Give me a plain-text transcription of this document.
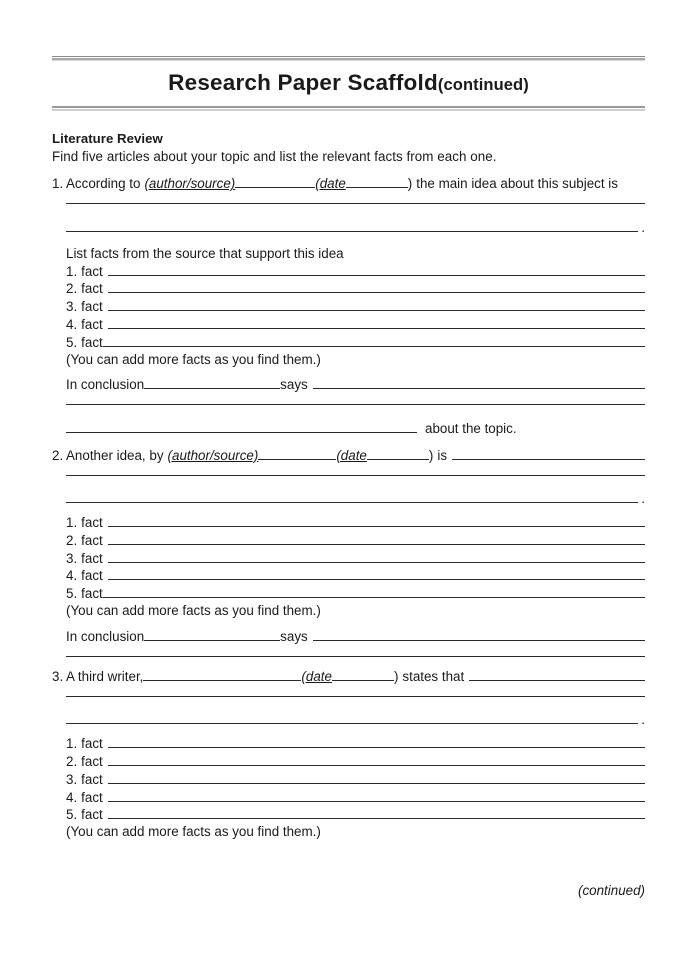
Research Paper Scaffold(continued)
Literature Review
Find five articles about your topic and list the relevant facts from each one.
1. According to (author/source)	(date	) the main idea about this subject is
.
List facts from the source that support this idea
1. fact
2. fact
3. fact
4. fact
5. fact
(You can add more facts as you find them.)
In conclusion	says
about the topic.
2. Another idea, by (author/source)	(date	) is
.
1. fact
2. fact
3. fact
4. fact
5. fact
(You can add more facts as you find them.)
In conclusion	says
3. A third writer,	(date	) states that
.
1. fact
2. fact
3. fact
4. fact
5. fact
(You can add more facts as you find them.)
(continued)
